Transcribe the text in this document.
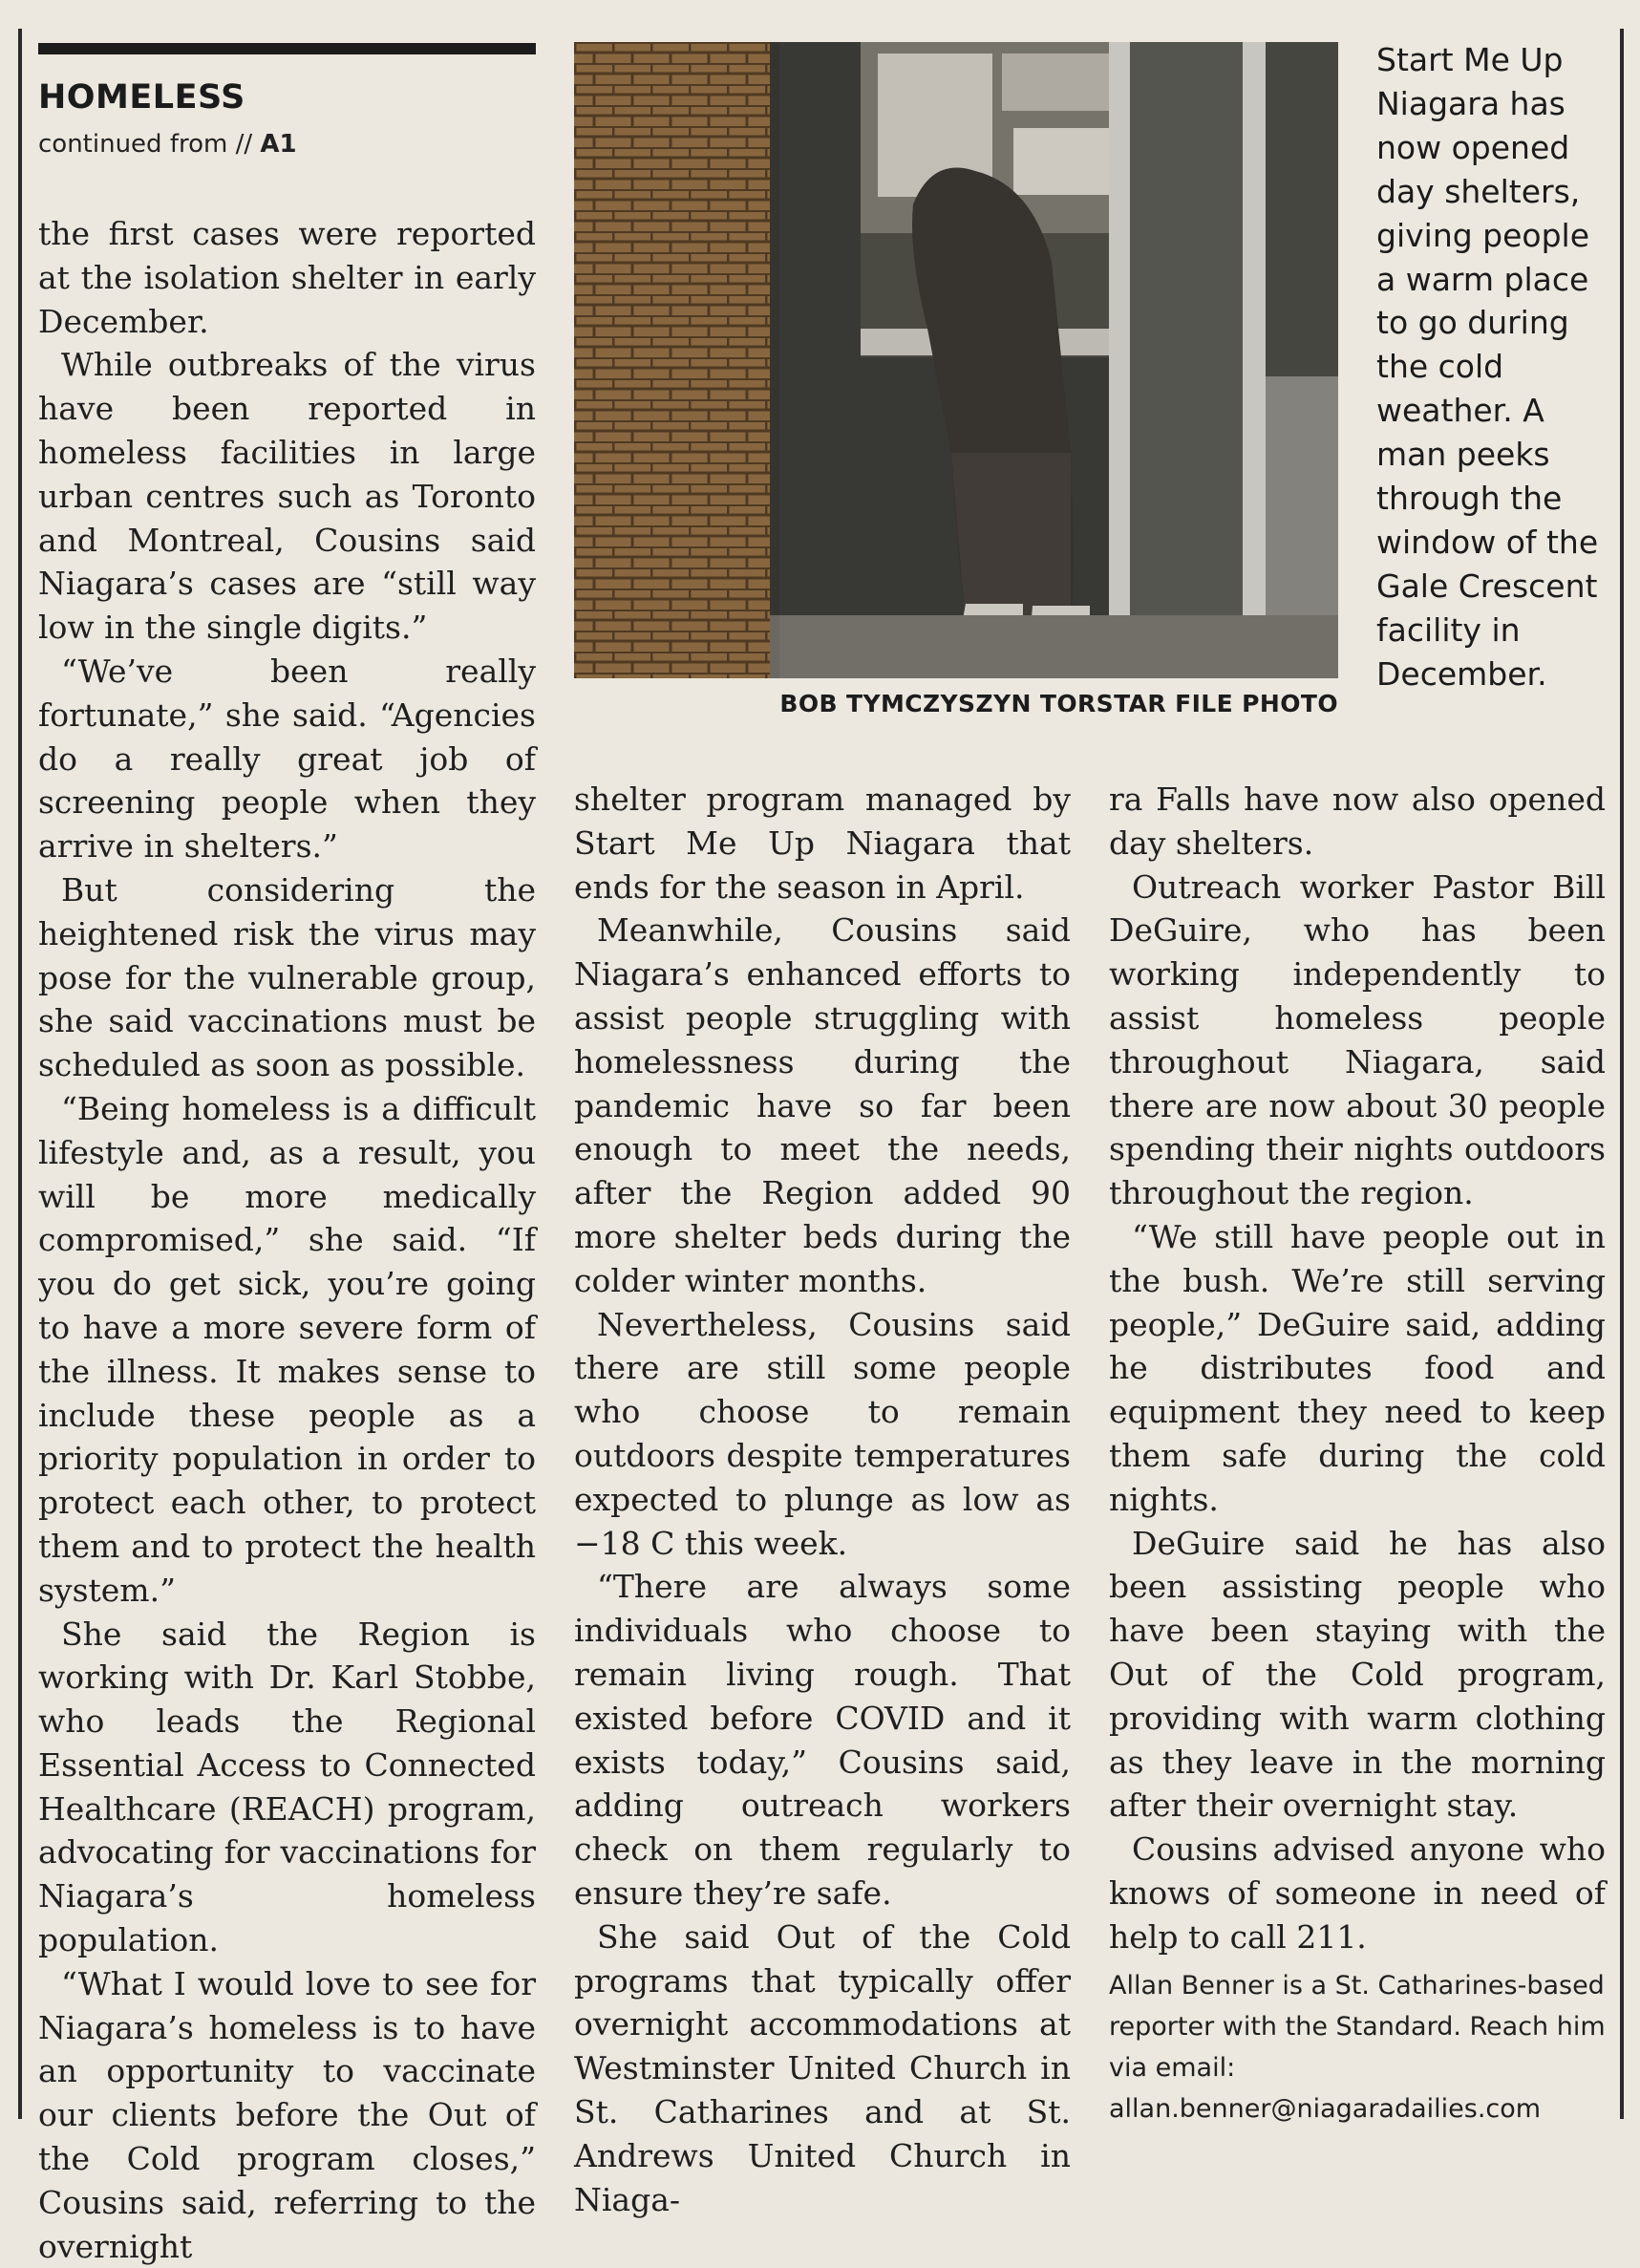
HOMELESS

continued from // A1

the first cases were reported at the isolation shelter in early December.

While outbreaks of the virus have been reported in homeless facilities in large urban centres such as Toronto and Montreal, Cousins said Niagara’s cases are “still way low in the single digits.”

“We’ve been really fortunate,” she said. “Agencies do a really great job of screening people when they arrive in shelters.”

But considering the heightened risk the virus may pose for the vulnerable group, she said vaccinations must be scheduled as soon as possible.

“Being homeless is a difficult lifestyle and, as a result, you will be more medically compromised,” she said. “If you do get sick, you’re going to have a more severe form of the illness. It makes sense to include these people as a priority population in order to protect each other, to protect them and to protect the health system.”

She said the Region is working with Dr. Karl Stobbe, who leads the Regional Essential Access to Connected Healthcare (REACH) program, advocating for vaccinations for Niagara’s homeless population.

“What I would love to see for Niagara’s homeless is to have an opportunity to vaccinate our clients before the Out of the Cold program closes,” Cousins said, referring to the overnight

BOB TYMCZYSZYN TORSTAR FILE PHOTO

Start Me Up Niagara has now opened day shelters, giving people a warm place to go during the cold weather. A man peeks through the window of the Gale Crescent facility in December.

shelter program managed by Start Me Up Niagara that ends for the season in April.

Meanwhile, Cousins said Niagara’s enhanced efforts to assist people struggling with homelessness during the pandemic have so far been enough to meet the needs, after the Region added 90 more shelter beds during the colder winter months.

Nevertheless, Cousins said there are still some people who choose to remain outdoors despite temperatures expected to plunge as low as −18 C this week.

“There are always some individuals who choose to remain living rough. That existed before COVID and it exists today,” Cousins said, adding outreach workers check on them regularly to ensure they’re safe.

She said Out of the Cold programs that typically offer overnight accommodations at Westminster United Church in St. Catharines and at St. Andrews United Church in Niaga-

ra Falls have now also opened day shelters.

Outreach worker Pastor Bill DeGuire, who has been working independently to assist homeless people throughout Niagara, said there are now about 30 people spending their nights outdoors throughout the region.

“We still have people out in the bush. We’re still serving people,” DeGuire said, adding he distributes food and equipment they need to keep them safe during the cold nights.

DeGuire said he has also been assisting people who have been staying with the Out of the Cold program, providing with warm clothing as they leave in the morning after their overnight stay.

Cousins advised anyone who knows of someone in need of help to call 211.

Allan Benner is a St. Catharines-based reporter with the Standard. Reach him via email: allan.benner@niagaradailies.com
